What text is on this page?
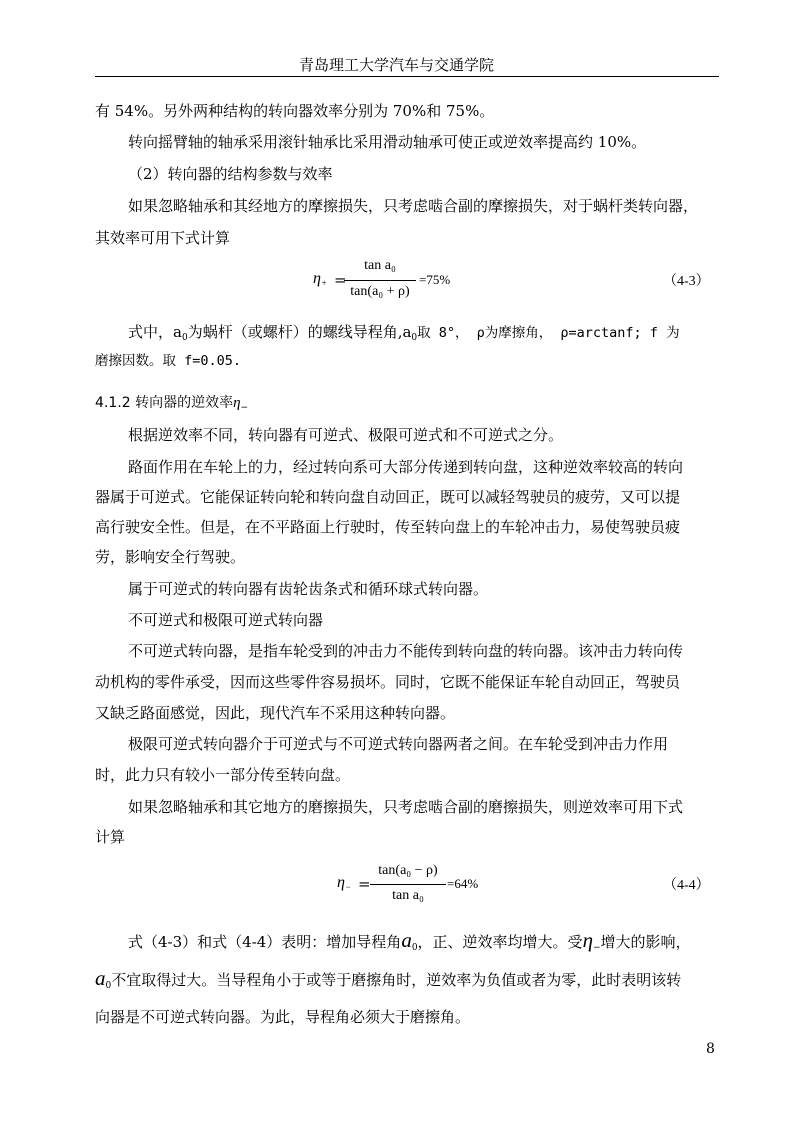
青岛理工大学汽车与交通学院
有 54%。另外两种结构的转向器效率分别为 70%和 75%。
转向摇臂轴的轴承采用滚针轴承比采用滑动轴承可使正或逆效率提高约 10%。
（2）转向器的结构参数与效率
如果忽略轴承和其经地方的摩擦损失，只考虑啮合副的摩擦损失，对于蜗杆类转向器，
其效率可用下式计算
$\eta_+$ =
tan a₀
tan(a₀ + ρ)
=75%	（4-3）
式中，$a_0$为蜗杆（或螺杆）的螺线导程角$,a_0$取 8°， ρ为摩擦角， ρ=arctanf; f 为
磨擦因数。取 f=0.05.
4.1.2 转向器的逆效率$\eta_-$
根据逆效率不同，转向器有可逆式、极限可逆式和不可逆式之分。
路面作用在车轮上的力，经过转向系可大部分传递到转向盘，这种逆效率较高的转向
器属于可逆式。它能保证转向轮和转向盘自动回正，既可以减轻驾驶员的疲劳，又可以提
高行驶安全性。但是，在不平路面上行驶时，传至转向盘上的车轮冲击力，易使驾驶员疲
劳，影响安全行驾驶。
属于可逆式的转向器有齿轮齿条式和循环球式转向器。
不可逆式和极限可逆式转向器
不可逆式转向器，是指车轮受到的冲击力不能传到转向盘的转向器。该冲击力转向传
动机构的零件承受，因而这些零件容易损坏。同时，它既不能保证车轮自动回正，驾驶员
又缺乏路面感觉，因此，现代汽车不采用这种转向器。
极限可逆式转向器介于可逆式与不可逆式转向器两者之间。在车轮受到冲击力作用
时，此力只有较小一部分传至转向盘。
如果忽略轴承和其它地方的磨擦损失，只考虑啮合副的磨擦损失，则逆效率可用下式
计算
$\eta_-$ =
tan(a₀ − ρ)
tan a₀
=64%	（4-4）
式（4-3）和式（4-4）表明：增加导程角$a_0$，正、逆效率均增大。受$\eta_-$增大的影响，
$a_0$不宜取得过大。当导程角小于或等于磨擦角时，逆效率为负值或者为零，此时表明该转
向器是不可逆式转向器。为此，导程角必须大于磨擦角。
8
